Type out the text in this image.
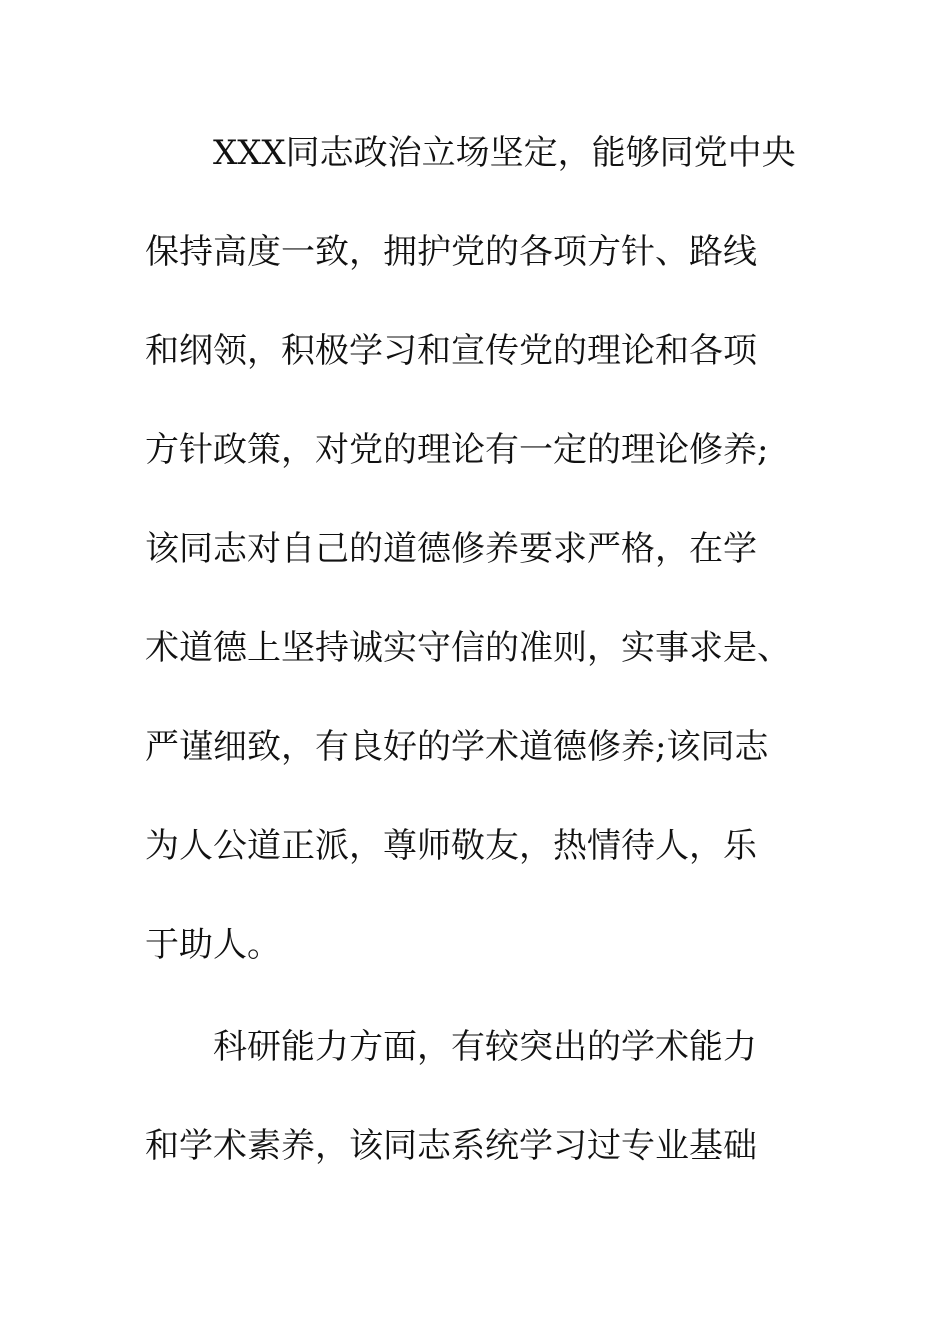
XXX同志政治立场坚定，能够同党中央
保持高度一致，拥护党的各项方针、路线
和纲领，积极学习和宣传党的理论和各项
方针政策，对党的理论有一定的理论修养;
该同志对自己的道德修养要求严格，在学
术道德上坚持诚实守信的准则，实事求是、
严谨细致，有良好的学术道德修养;该同志
为人公道正派，尊师敬友，热情待人，乐
于助人。
科研能力方面，有较突出的学术能力
和学术素养，该同志系统学习过专业基础
